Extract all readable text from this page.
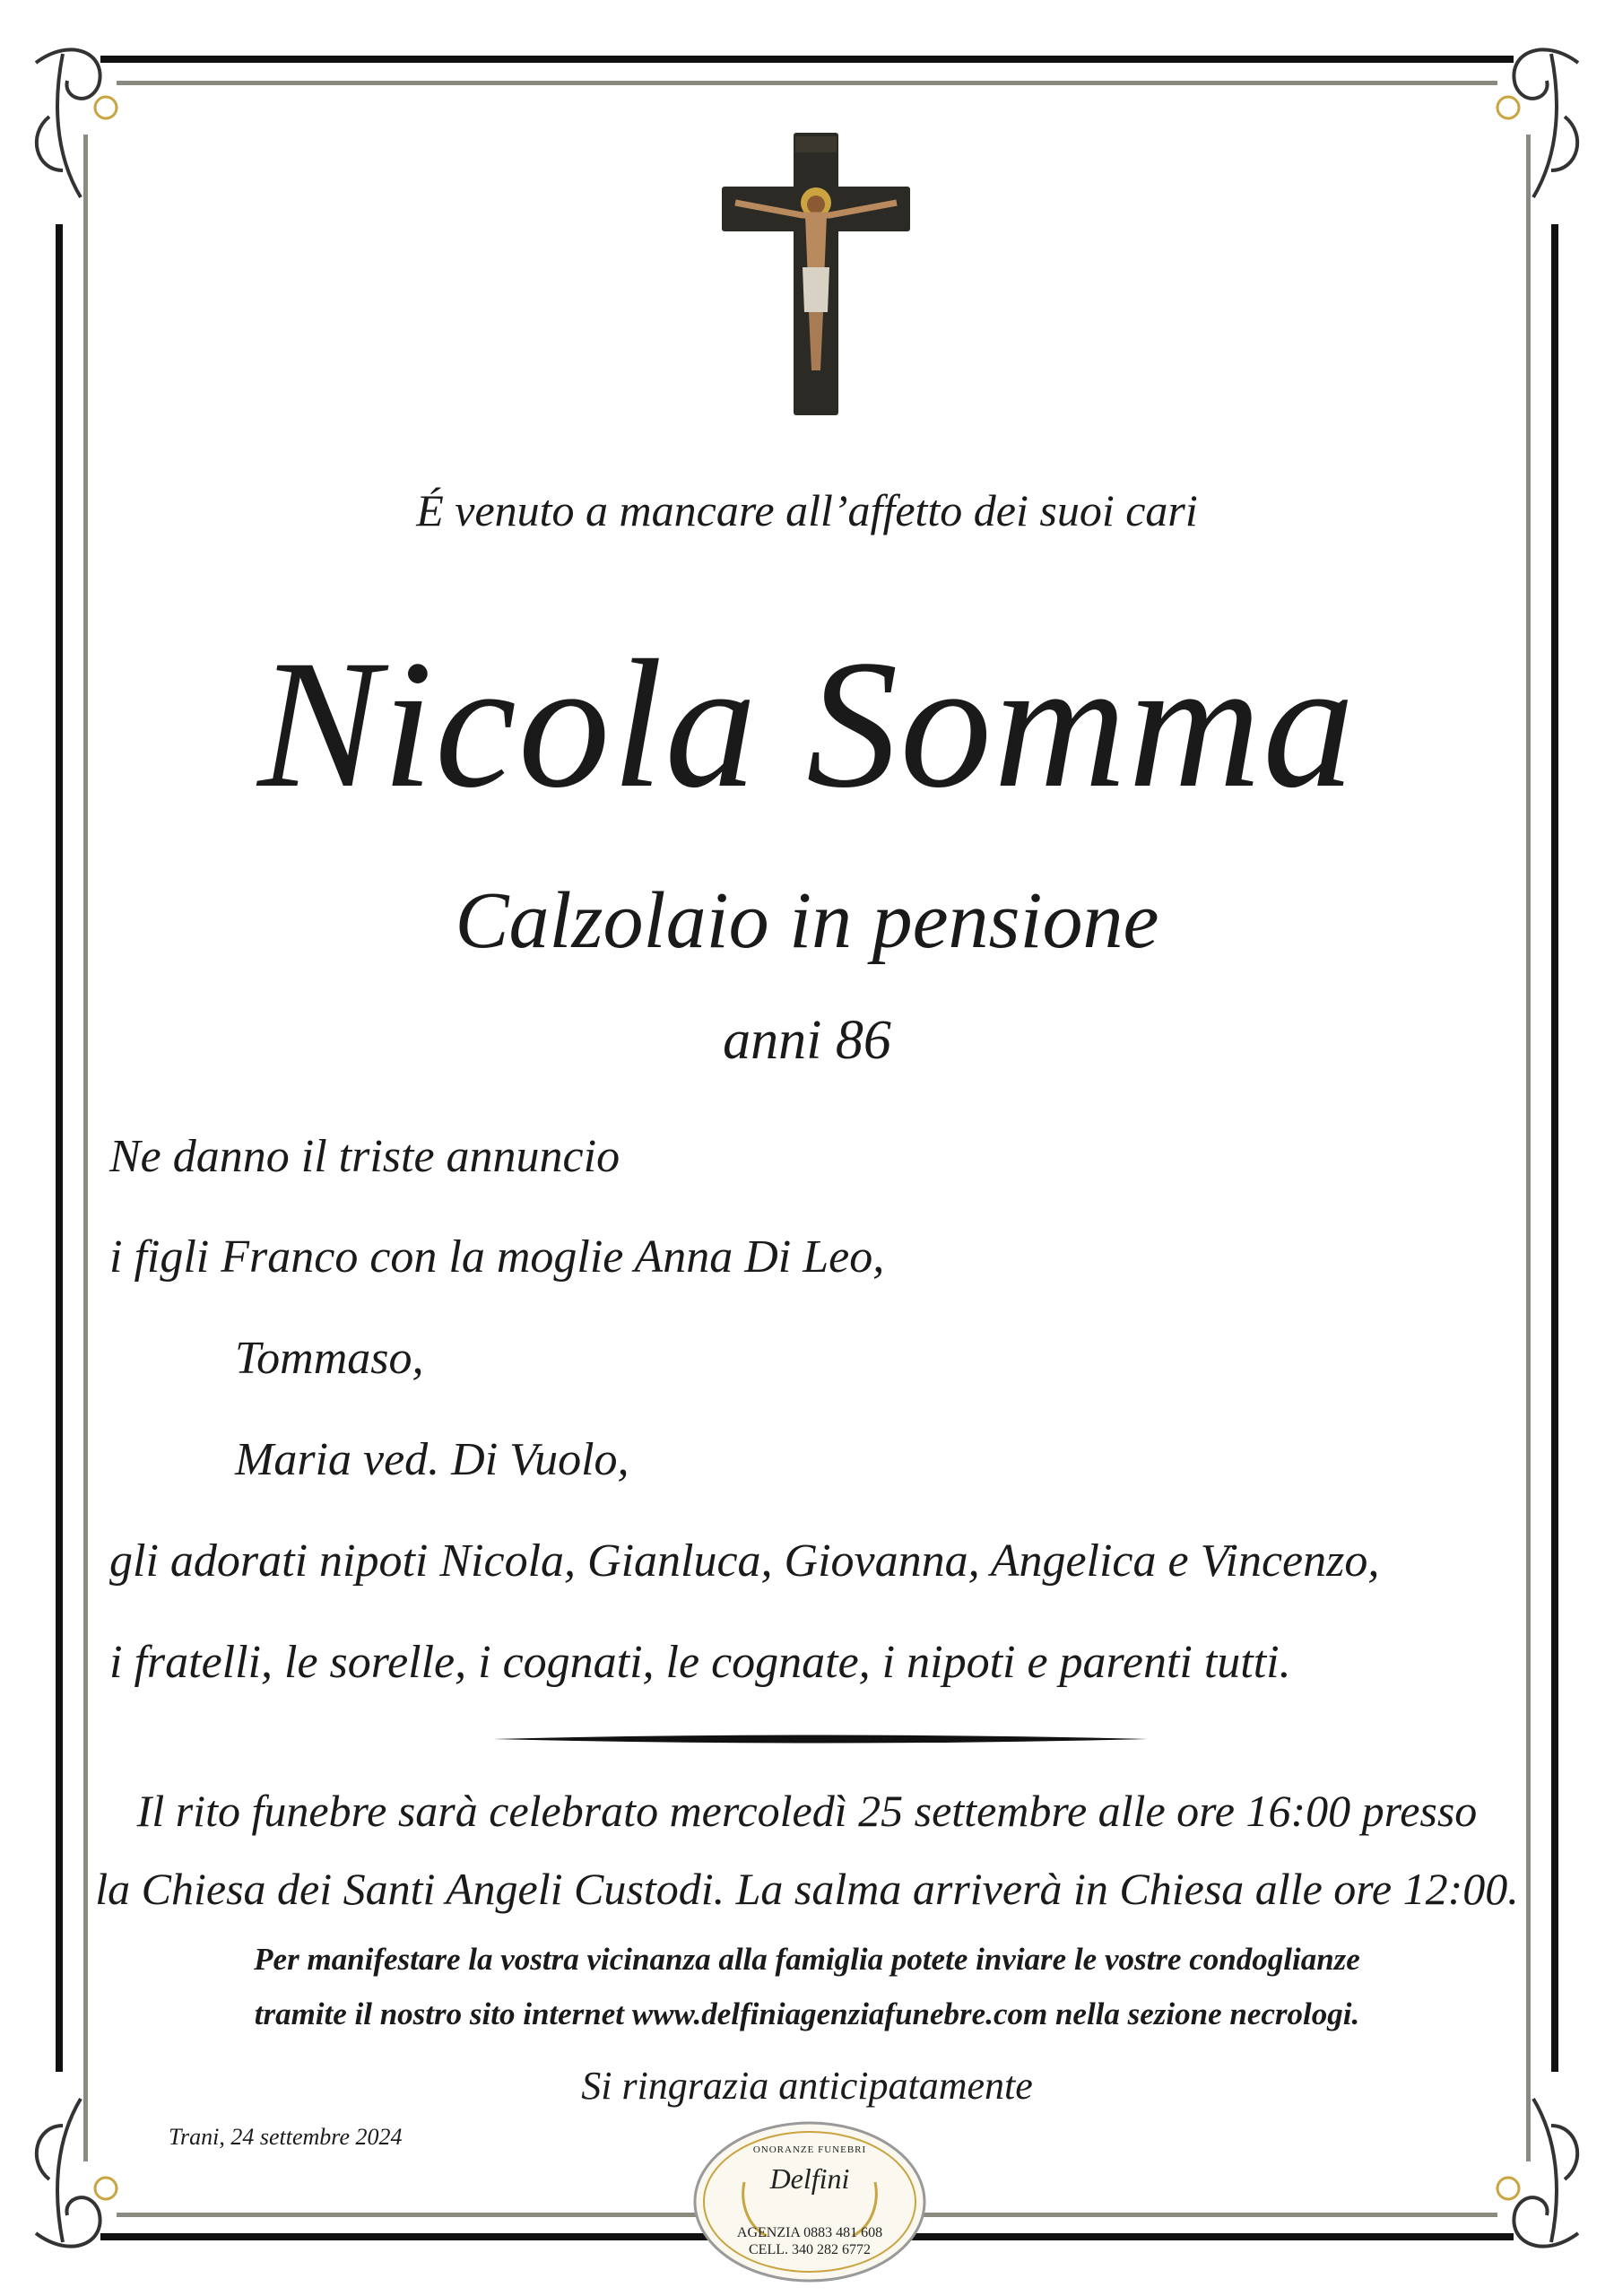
É venuto a mancare all’affetto dei suoi cari
Nicola Somma
Calzolaio in pensione
anni 86
Ne danno il triste annuncio
i figli Franco con la moglie Anna Di Leo,
Tommaso,
Maria ved. Di Vuolo,
gli adorati nipoti Nicola, Gianluca, Giovanna, Angelica e Vincenzo,
i fratelli, le sorelle, i cognati, le cognate, i nipoti e parenti tutti.
Il rito funebre sarà celebrato mercoledì 25 settembre alle ore 16:00 presso
la Chiesa dei Santi Angeli Custodi. La salma arriverà in Chiesa alle ore 12:00.
Per manifestare la vostra vicinanza alla famiglia potete inviare le vostre condoglianze
tramite il nostro sito internet www.delfiniagenziafunebre.com nella sezione necrologi.
Si ringrazia anticipatamente
Trani, 24 settembre 2024	ONORANZE FUNEBRI
Delfini
AGENZIA 0883 481 608
CELL. 340 282 6772
